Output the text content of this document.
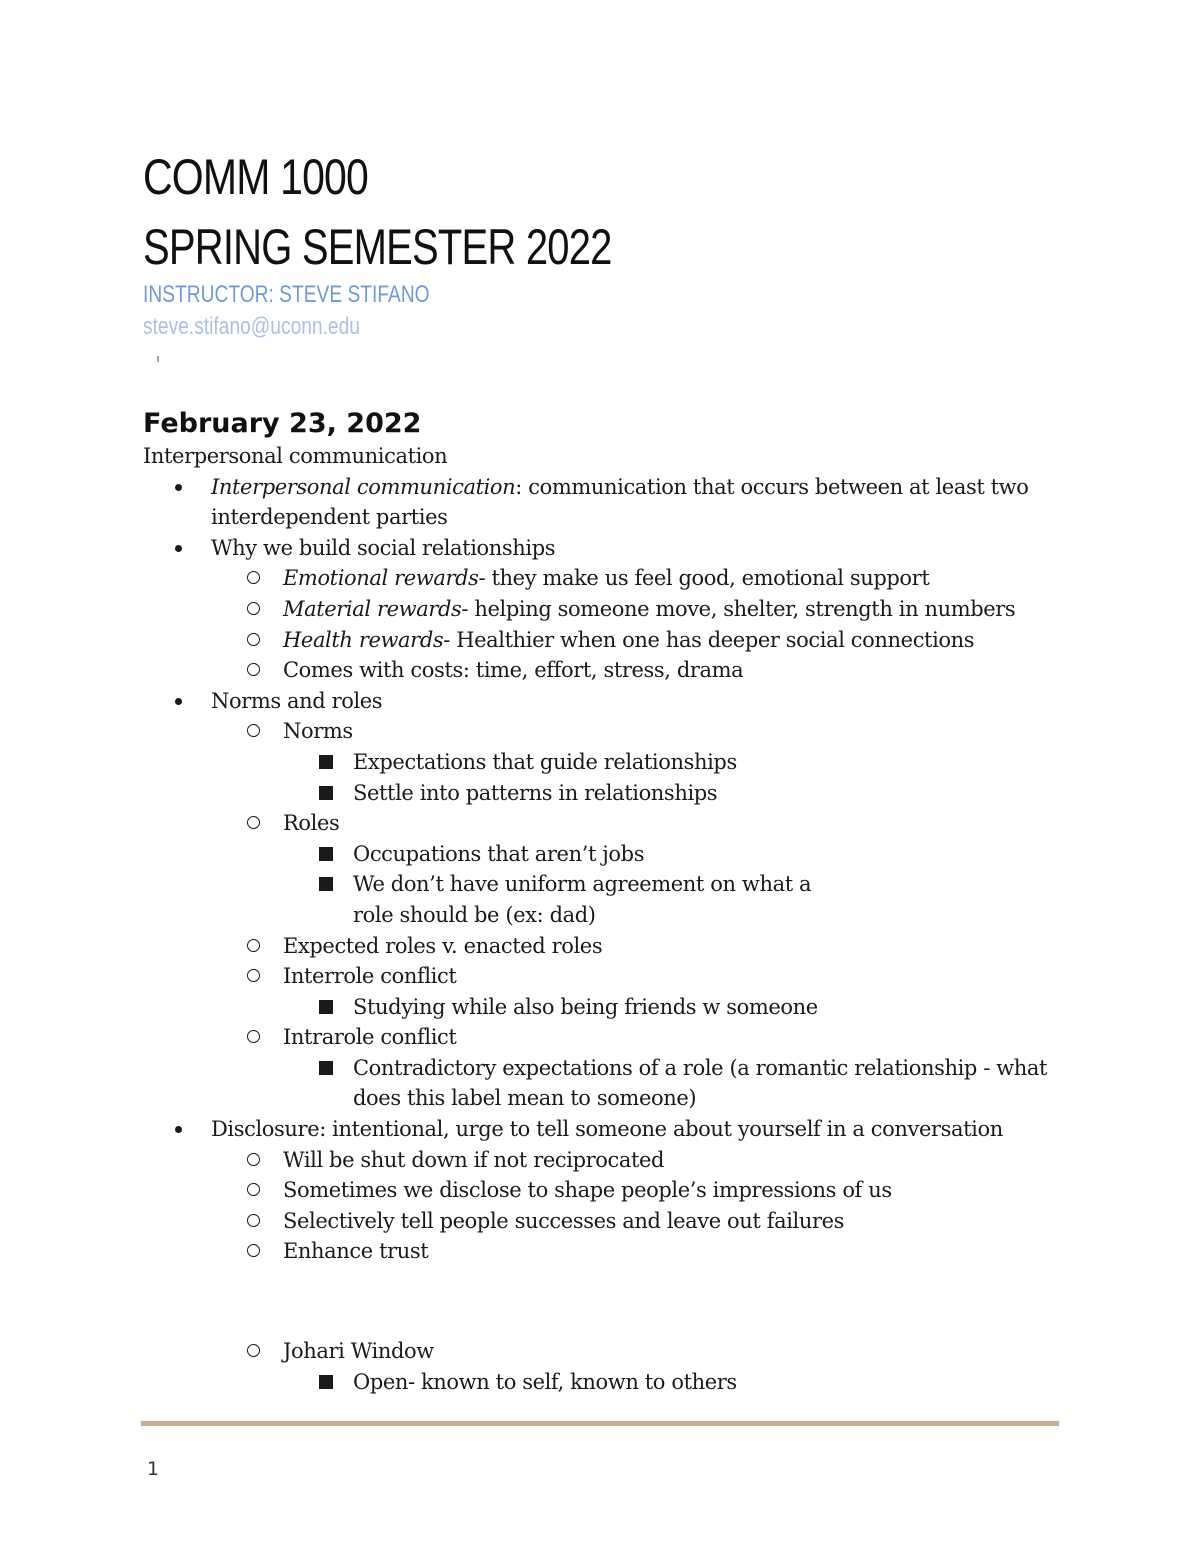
COMM 1000
SPRING SEMESTER 2022
INSTRUCTOR: STEVE STIFANO
steve.stifano@uconn.edu
February 23, 2022
Interpersonal communication
Interpersonal communication: communication that occurs between at least two interdependent parties
Why we build social relationships
Emotional rewards- they make us feel good, emotional support
Material rewards- helping someone move, shelter, strength in numbers
Health rewards- Healthier when one has deeper social connections
Comes with costs: time, effort, stress, drama
Norms and roles
Norms
Expectations that guide relationships
Settle into patterns in relationships
Roles
Occupations that aren’t jobs
We don’t have uniform agreement on what a role should be (ex: dad)
Expected roles v. enacted roles
Interrole conflict
Studying while also being friends w someone
Intrarole conflict
Contradictory expectations of a role (a romantic relationship - what does this label mean to someone)
Disclosure: intentional, urge to tell someone about yourself in a conversation
Will be shut down if not reciprocated
Sometimes we disclose to shape people’s impressions of us
Selectively tell people successes and leave out failures
Enhance trust
Johari Window
Open- known to self, known to others
1
